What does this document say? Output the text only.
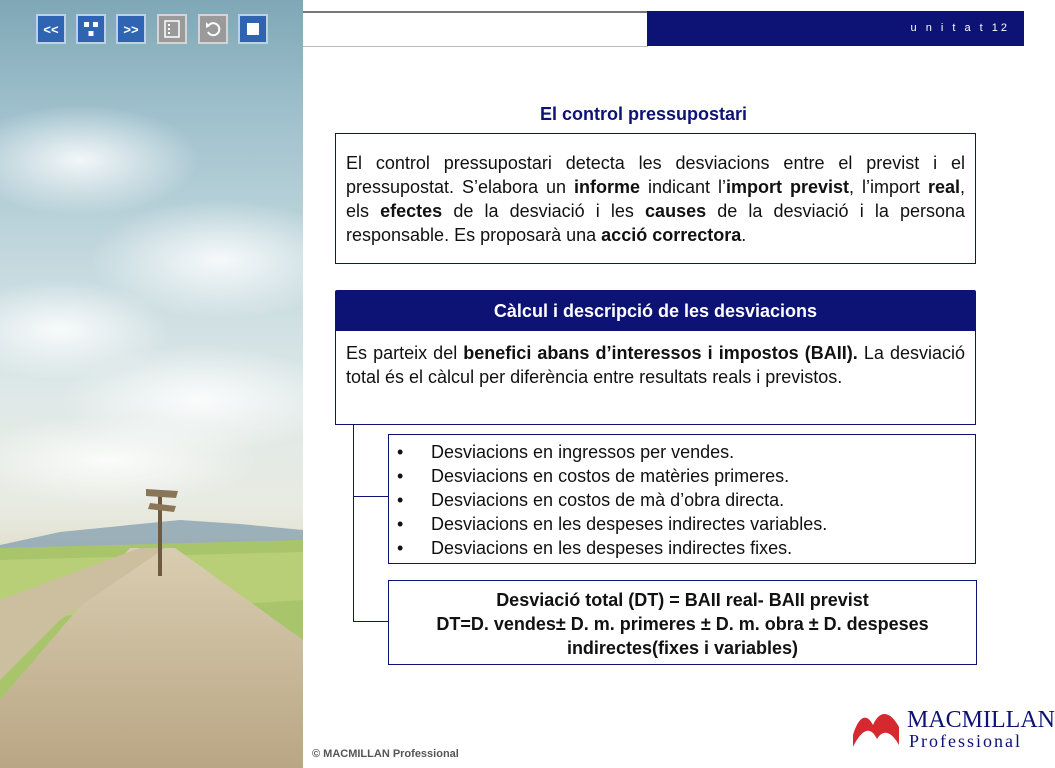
<<	>>	u n i t a t 12
El control pressupostari
El control pressupostari detecta les desviacions entre el previst i el pressupostat. S’elabora un informe indicant l’import previst, l’import real, els efectes de la desviació i les causes de la desviació i la persona responsable. Es proposarà una acció correctora.
Càlcul i descripció de les desviacions
Es parteix del benefici abans d’interessos i impostos (BAII). La desviació total és el càlcul per diferència entre resultats reals i previstos.
• Desviacions en ingressos per vendes.
• Desviacions en costos de matèries primeres.
• Desviacions en costos de mà d’obra directa.
• Desviacions en les despeses indirectes variables.
• Desviacions en les despeses indirectes fixes.
Desviació total (DT) = BAII real- BAII previst
DT=D. vendes± D. m. primeres ± D. m. obra ± D. despeses indirectes(fixes i variables)
© MACMILLAN Professional
MACMILLAN
Professional
